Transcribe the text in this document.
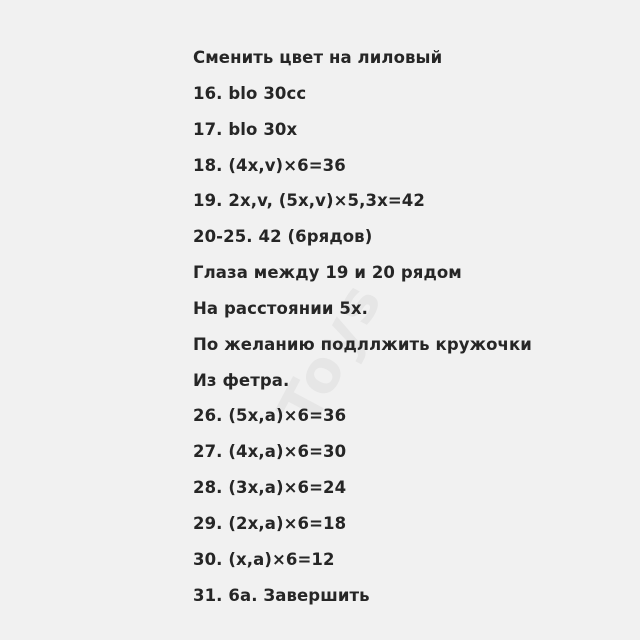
Сменить цвет на лиловый
16. blo 30cc
17. blo 30x
18. (4x,v)×6=36
19. 2x,v, (5x,v)×5,3x=42
20-25. 42 (6рядов)
Глаза между 19 и 20 рядом
На расстоянии 5x.
По желанию подллжить кружочки
Из фетра.
26. (5x,a)×6=36
27. (4x,a)×6=30
28. (3x,a)×6=24
29. (2x,a)×6=18
30. (x,a)×6=12
31. 6a. Завершить
